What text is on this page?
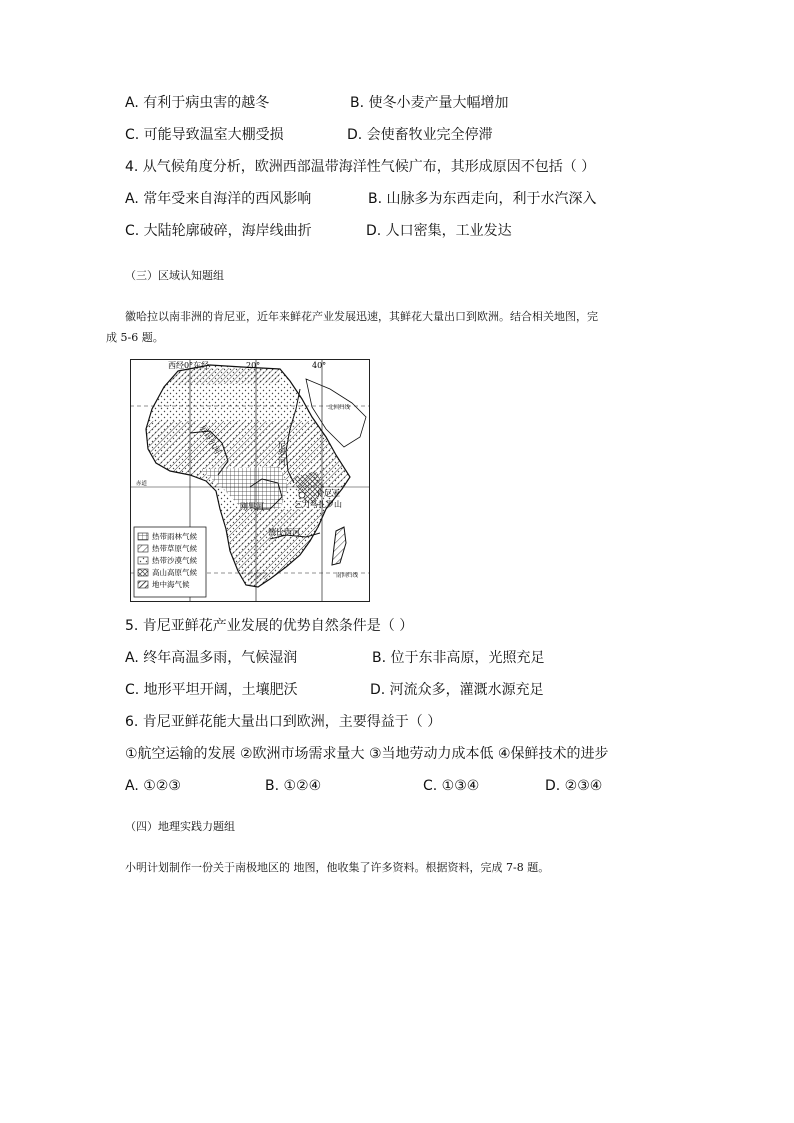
A. 有利于病虫害的越冬	B. 使冬小麦产量大幅增加
C. 可能导致温室大棚受损	D. 会使畜牧业完全停滞
4. 从气候角度分析，欧洲西部温带海洋性气候广布，其形成原因不包括（ ）
A. 常年受来自海洋的西风影响	B. 山脉多为东西走向，利于水汽深入
C. 大陆轮廓破碎，海岸线曲折	D. 人口密集，工业发达
（三）区域认知题组
徽哈拉以南非洲的肯尼亚，近年来鲜花产业发展迅速，其鲜花大量出口到欧洲。结合相关地图，完
成 5-6 题。
西经0°东经	20°	40°
北回归线
赤道
南回归线
尼罗河
尼日尔河
刚果河
赞比西河
肯尼亚
乞力马扎罗山
热带雨林气候
热带草原气候
热带沙漠气候
高山高原气候
地中海气候
5. 肯尼亚鲜花产业发展的优势自然条件是（ ）
A. 终年高温多雨，气候湿润	B. 位于东非高原，光照充足
C. 地形平坦开阔，土壤肥沃	D. 河流众多，灌溉水源充足
6. 肯尼亚鲜花能大量出口到欧洲，主要得益于（ ）
①航空运输的发展 ②欧洲市场需求量大 ③当地劳动力成本低 ④保鲜技术的进步
A. ①②③	B. ①②④	C. ①③④	D. ②③④
（四）地理实践力题组
小明计划制作一份关于南极地区的 地图，他收集了许多资料。根据资料，完成 7-8 题。
